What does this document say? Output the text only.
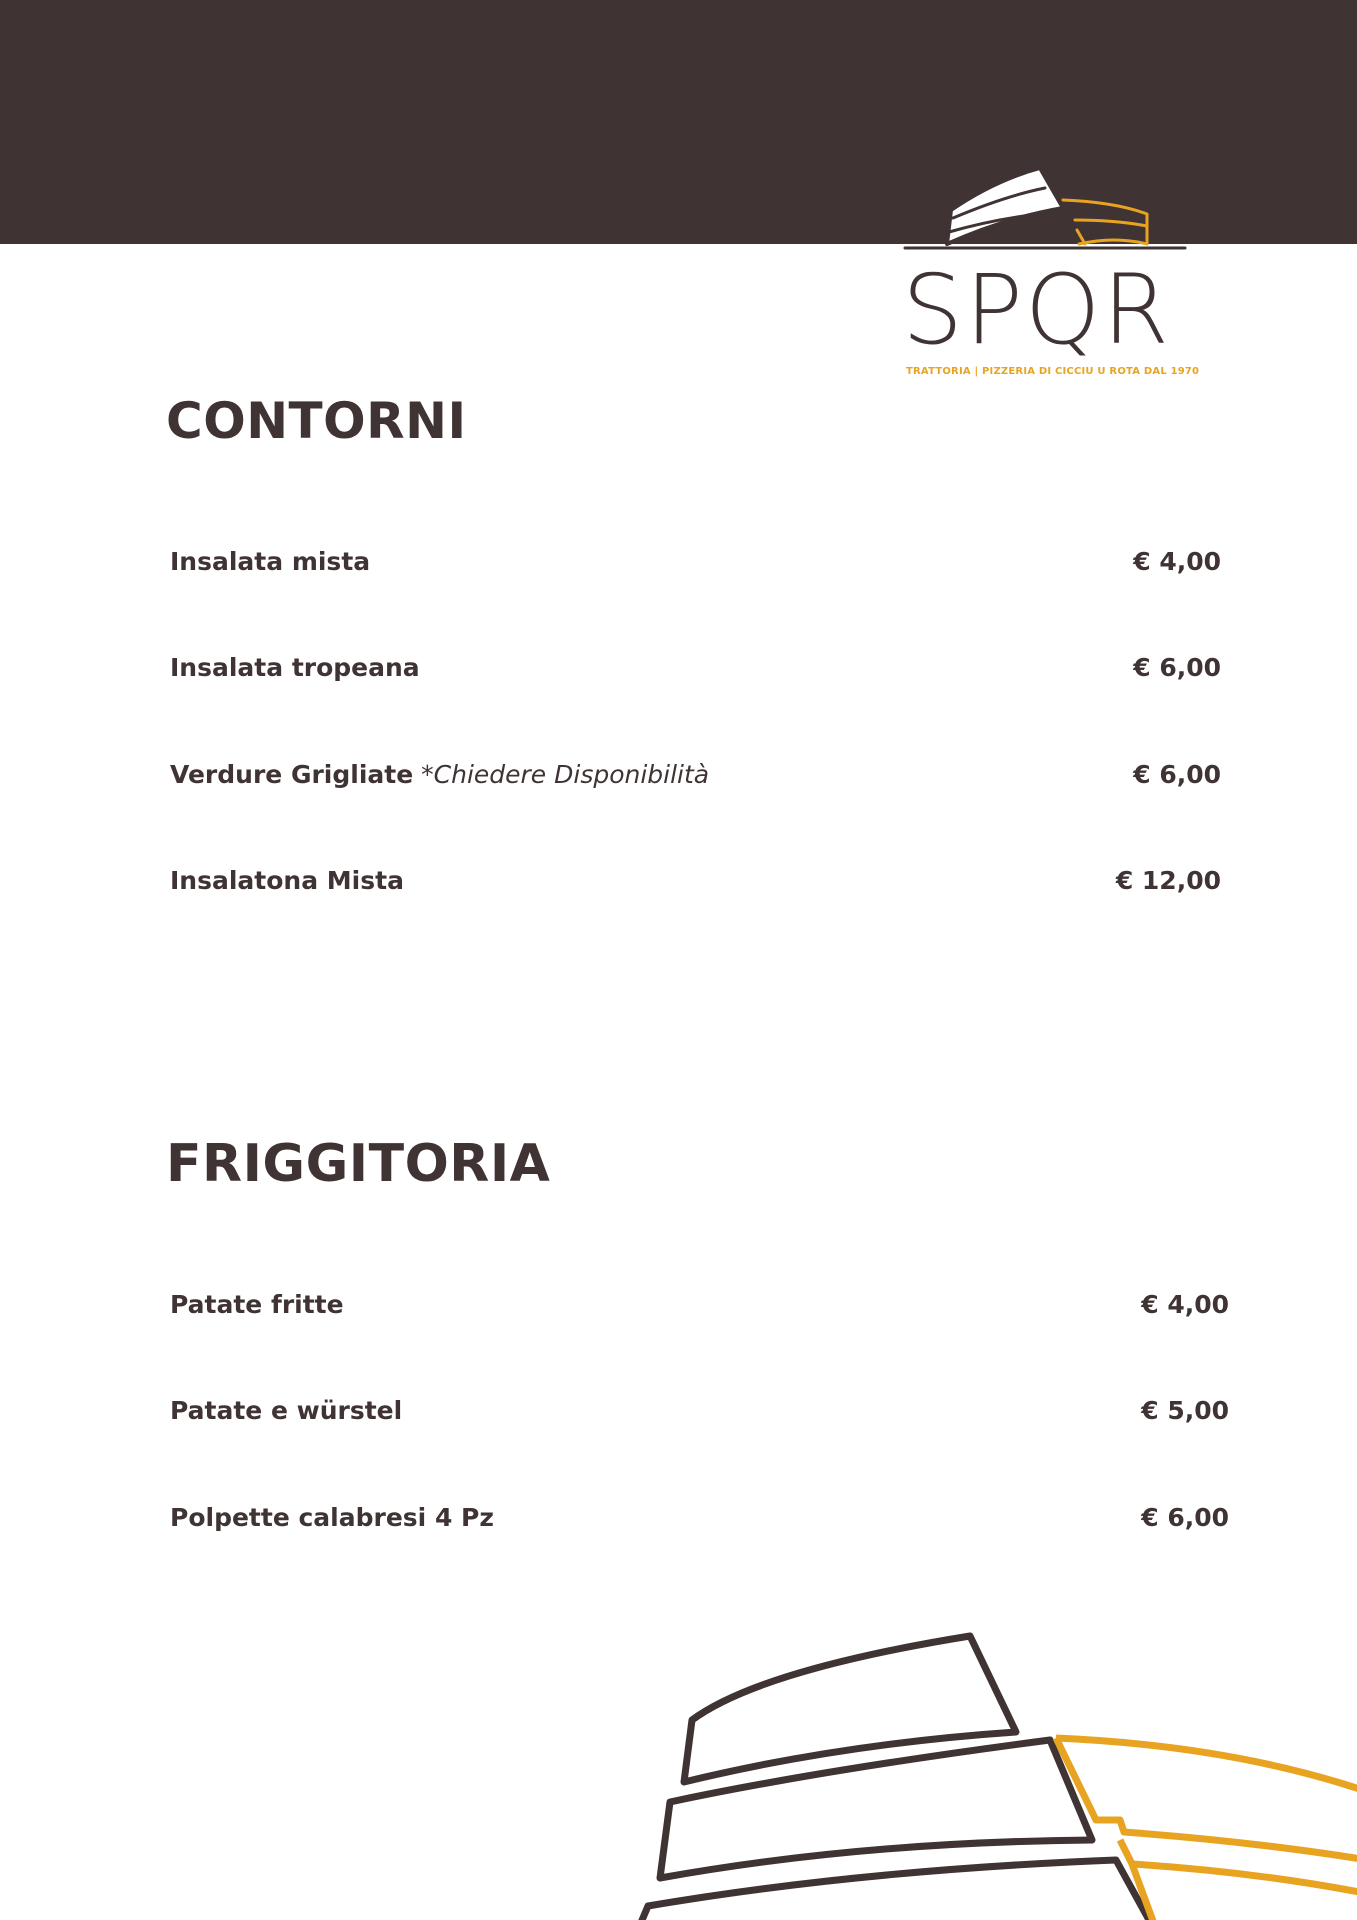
SPQR
TRATTORIA | PIZZERIA DI CICCIU U ROTA DAL 1970
CONTORNI
Insalata mista	€ 4,00
Insalata tropeana	€ 6,00
Verdure Grigliate *Chiedere Disponibilità	€ 6,00
Insalatona Mista	€ 12,00
FRIGGITORIA
Patate fritte	€ 4,00
Patate e würstel	€ 5,00
Polpette calabresi 4 Pz	€ 6,00
